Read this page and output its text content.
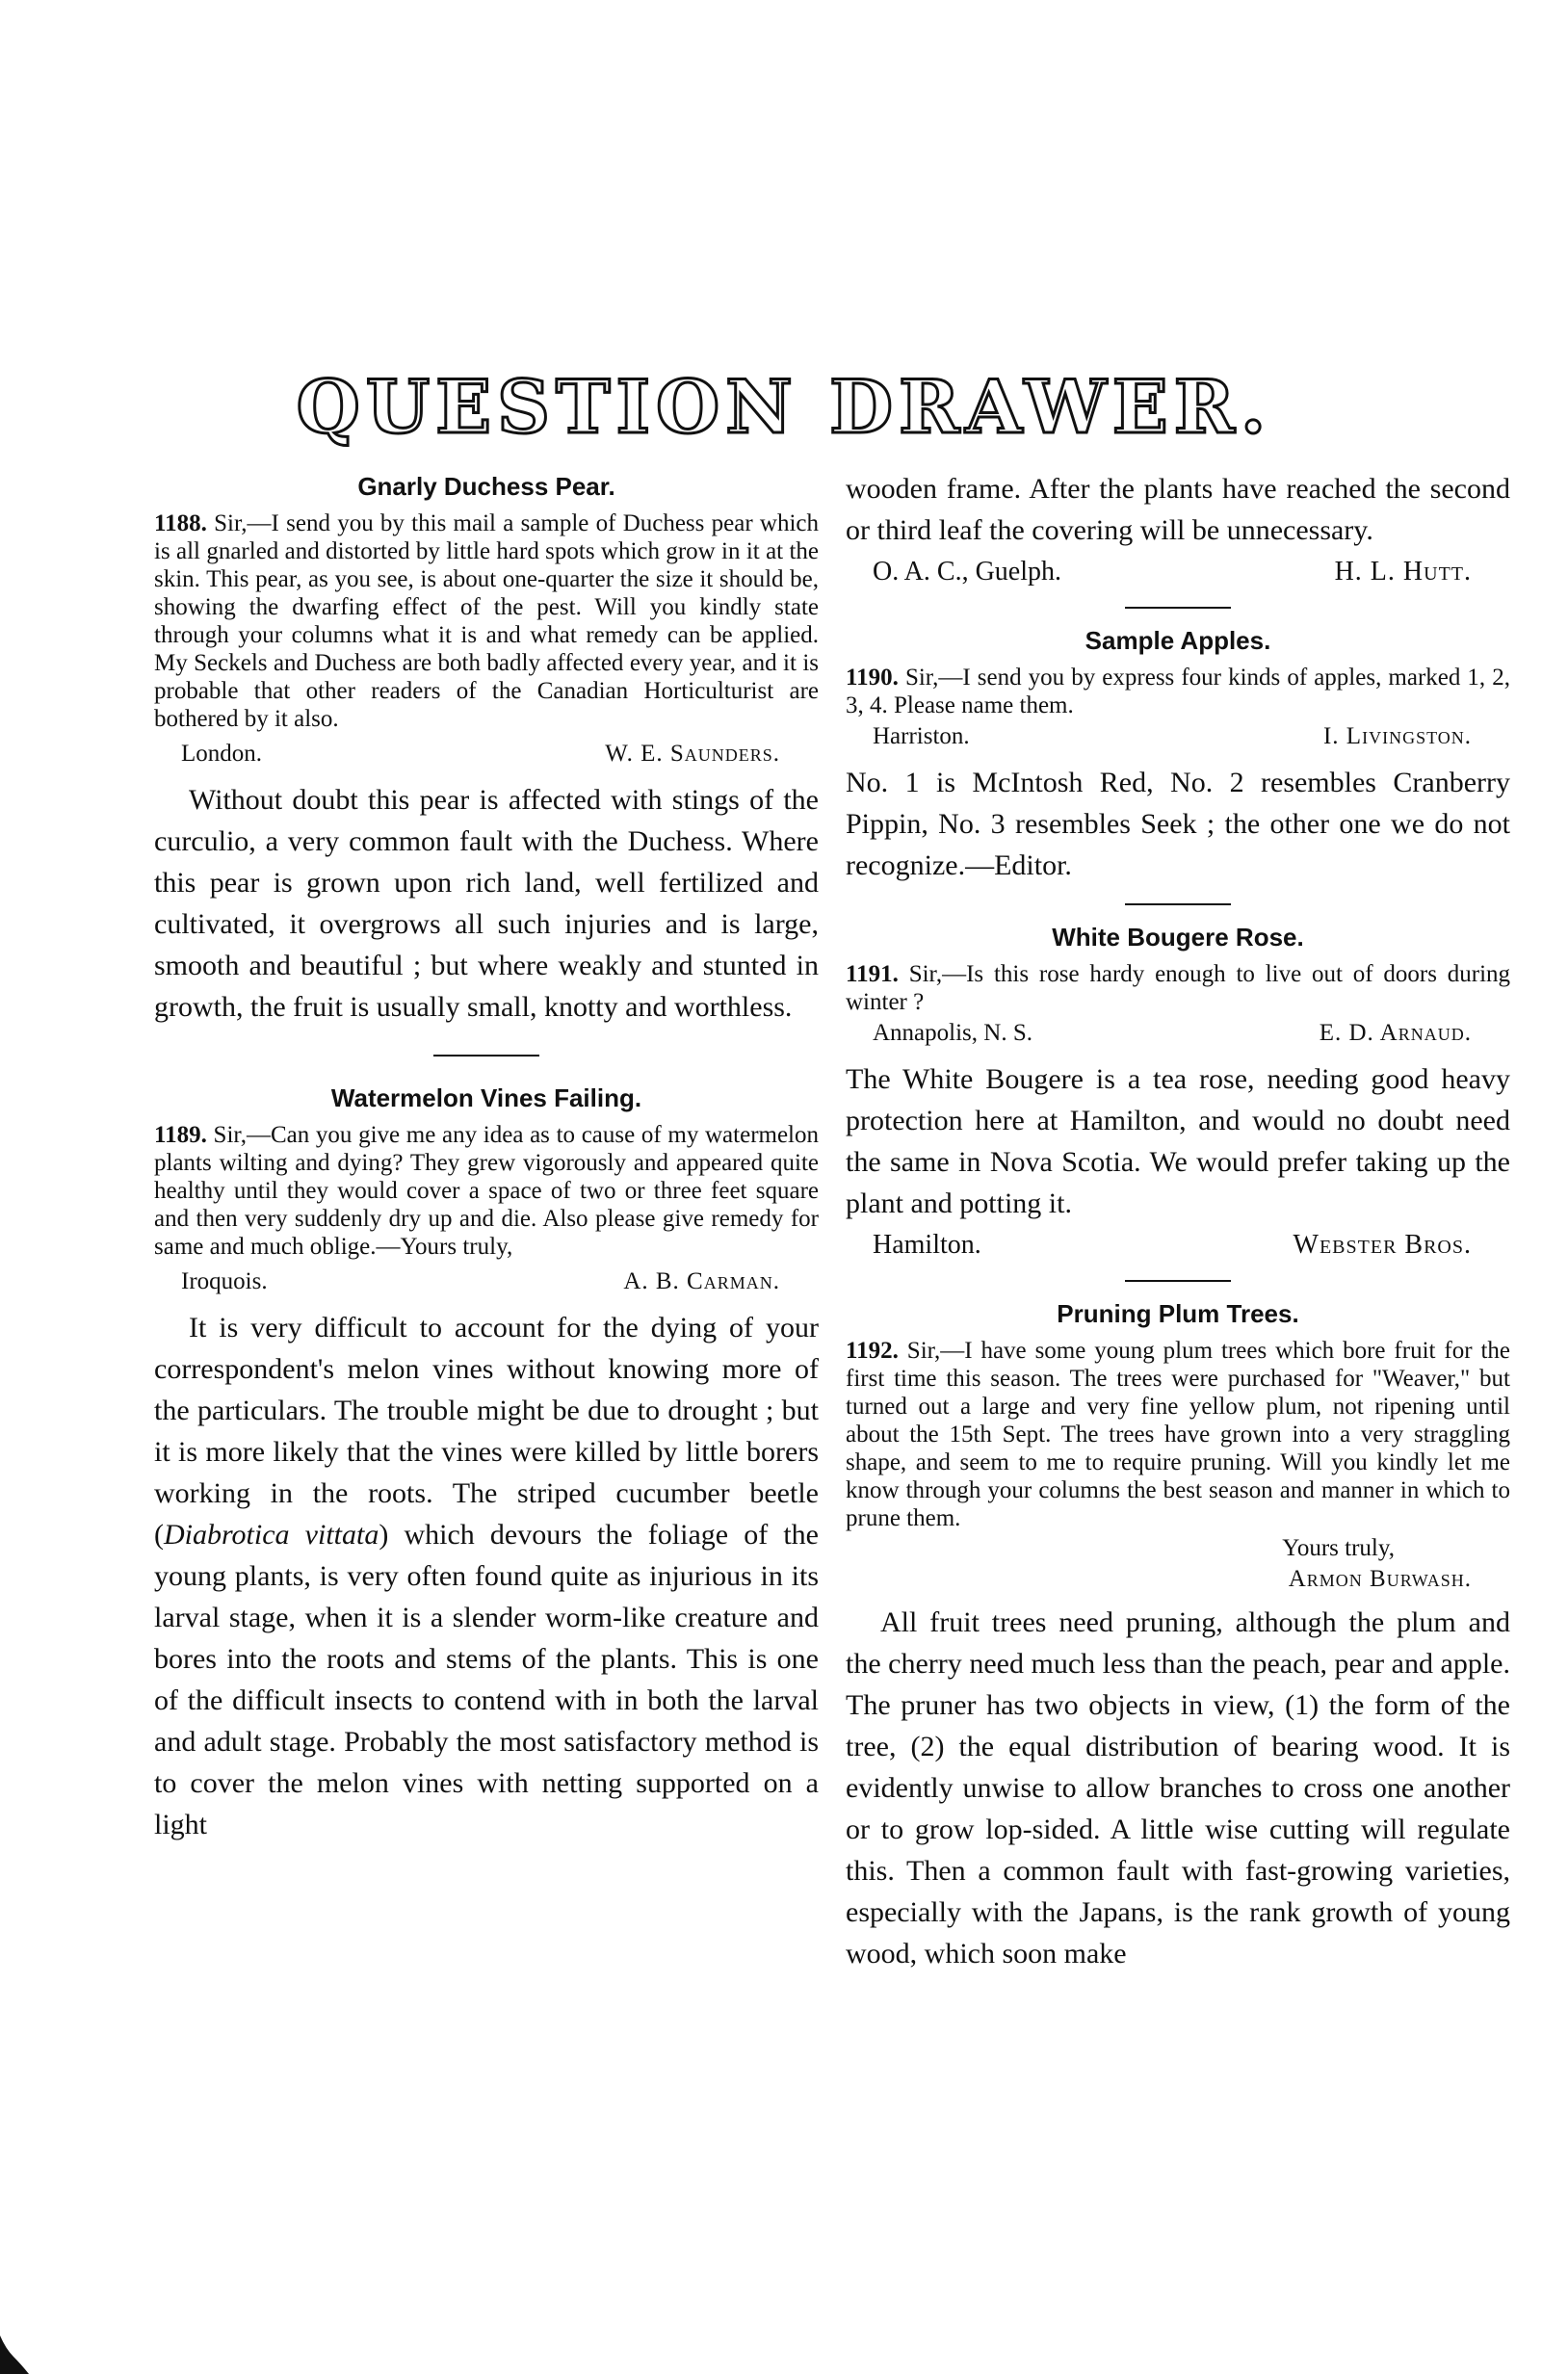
QUESTION DRAWER.
Gnarly Duchess Pear.

1188. Sir,—I send you by this mail a sample of Duchess pear which is all gnarled and distorted by little hard spots which grow in it at the skin. This pear, as you see, is about one-quarter the size it should be, showing the dwarfing effect of the pest. Will you kindly state through your columns what it is and what remedy can be applied. My Seckels and Duchess are both badly affected every year, and it is probable that other readers of the Canadian Horticulturist are bothered by it also.

London.	W. E. Saunders.

Without doubt this pear is affected with stings of the curculio, a very common fault with the Duchess. Where this pear is grown upon rich land, well fertilized and cultivated, it overgrows all such injuries and is large, smooth and beautiful ; but where weakly and stunted in growth, the fruit is usually small, knotty and worthless.

Watermelon Vines Failing.

1189. Sir,—Can you give me any idea as to cause of my watermelon plants wilting and dying? They grew vigorously and appeared quite healthy until they would cover a space of two or three feet square and then very suddenly dry up and die. Also please give remedy for same and much oblige.—Yours truly,

Iroquois.	A. B. Carman.

It is very difficult to account for the dying of your correspondent's melon vines without knowing more of the particulars. The trouble might be due to drought ; but it is more likely that the vines were killed by little borers working in the roots. The striped cucumber beetle (Diabrotica vittata) which devours the foliage of the young plants, is very often found quite as injurious in its larval stage, when it is a slender worm-like creature and bores into the roots and stems of the plants. This is one of the difficult insects to contend with in both the larval and adult stage. Probably the most satisfactory method is to cover the melon vines with netting supported on a light

wooden frame. After the plants have reached the second or third leaf the covering will be unnecessary.

O. A. C., Guelph.	H. L. Hutt.
Sample Apples.

1190. Sir,—I send you by express four kinds of apples, marked 1, 2, 3, 4. Please name them.

Harriston.	I. Livingston.

No. 1 is McIntosh Red, No. 2 resembles Cranberry Pippin, No. 3 resembles Seek ; the other one we do not recognize.—Editor.

White Bougere Rose.

1191. Sir,—Is this rose hardy enough to live out of doors during winter ?

Annapolis, N. S.	E. D. Arnaud.

The White Bougere is a tea rose, needing good heavy protection here at Hamilton, and would no doubt need the same in Nova Scotia. We would prefer taking up the plant and potting it.

Hamilton.	Webster Bros.
Pruning Plum Trees.

1192. Sir,—I have some young plum trees which bore fruit for the first time this season. The trees were purchased for "Weaver," but turned out a large and very fine yellow plum, not ripening until about the 15th Sept. The trees have grown into a very straggling shape, and seem to me to require pruning. Will you kindly let me know through your columns the best season and manner in which to prune them.

Yours truly,

Armon Burwash.

All fruit trees need pruning, although the plum and the cherry need much less than the peach, pear and apple. The pruner has two objects in view, (1) the form of the tree, (2) the equal distribution of bearing wood. It is evidently unwise to allow branches to cross one another or to grow lop-sided. A little wise cutting will regulate this. Then a common fault with fast-growing varieties, especially with the Japans, is the rank growth of young wood, which soon make
